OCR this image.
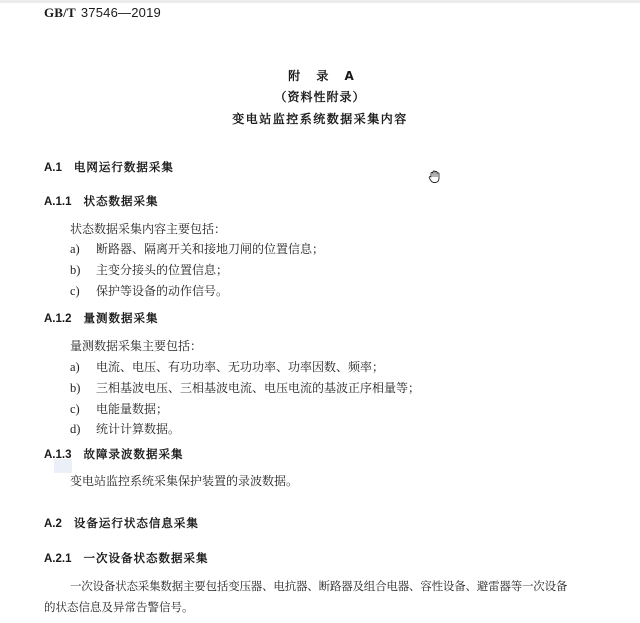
GB/T 37546—2019
附 录 A
（资料性附录）
变电站监控系统数据采集内容
A.1 电网运行数据采集
A.1.1 状态数据采集
状态数据采集内容主要包括：
a) 断路器、隔离开关和接地刀闸的位置信息；
b) 主变分接头的位置信息；
c) 保护等设备的动作信号。
A.1.2 量测数据采集
量测数据采集主要包括：
a) 电流、电压、有功功率、无功功率、功率因数、频率；
b) 三相基波电压、三相基波电流、电压电流的基波正序相量等；
c) 电能量数据；
d) 统计计算数据。
A.1.3 故障录波数据采集
变电站监控系统采集保护装置的录波数据。
A.2 设备运行状态信息采集
A.2.1 一次设备状态数据采集
一次设备状态采集数据主要包括变压器、电抗器、断路器及组合电器、容性设备、避雷器等一次设备
的状态信息及异常告警信号。
